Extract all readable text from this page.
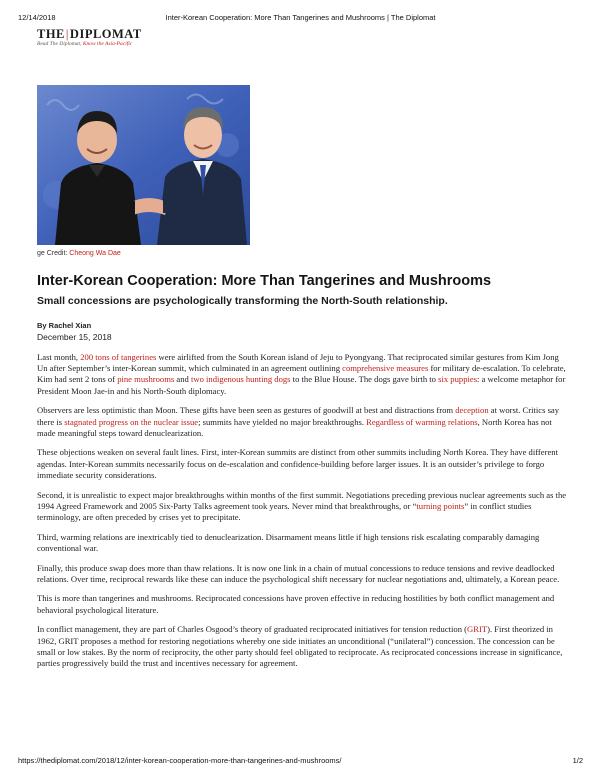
12/14/2018	Inter-Korean Cooperation: More Than Tangerines and Mushrooms | The Diplomat
THE|DIPLOMAT
Read The Diplomat, Know the Asia-Pacific
ge Credit: Cheong Wa Dae
Inter-Korean Cooperation: More Than Tangerines and Mushrooms
Small concessions are psychologically transforming the North-South relationship.
By Rachel Xian
December 15, 2018

Last month, 200 tons of tangerines were airlifted from the South Korean island of Jeju to Pyongyang. That reciprocated similar gestures from Kim Jong Un after September’s inter-Korean summit, which culminated in an agreement outlining comprehensive measures for military de-escalation. To celebrate, Kim had sent 2 tons of pine mushrooms and two indigenous hunting dogs to the Blue House. The dogs gave birth to six puppies: a welcome metaphor for President Moon Jae-in and his North-South diplomacy.

Observers are less optimistic than Moon. These gifts have been seen as gestures of goodwill at best and distractions from deception at worst. Critics say there is stagnated progress on the nuclear issue; summits have yielded no major breakthroughs. Regardless of warming relations, North Korea has not made meaningful steps toward denuclearization.

These objections weaken on several fault lines. First, inter-Korean summits are distinct from other summits including North Korea. They have different agendas. Inter-Korean summits necessarily focus on de-escalation and confidence-building before larger issues. It is an outsider’s privilege to forgo immediate security considerations.

Second, it is unrealistic to expect major breakthroughs within months of the first summit. Negotiations preceding previous nuclear agreements such as the 1994 Agreed Framework and 2005 Six-Party Talks agreement took years. Never mind that breakthroughs, or “turning points” in conflict studies terminology, are often preceded by crises yet to precipitate.

Third, warming relations are inextricably tied to denuclearization. Disarmament means little if high tensions risk escalating comparably damaging conventional war.

Finally, this produce swap does more than thaw relations. It is now one link in a chain of mutual concessions to reduce tensions and revive deadlocked relations. Over time, reciprocal rewards like these can induce the psychological shift necessary for nuclear negotiations and, ultimately, a Korean peace.

This is more than tangerines and mushrooms. Reciprocated concessions have proven effective in reducing hostilities by both conflict management and behavioral psychological literature.

In conflict management, they are part of Charles Osgood’s theory of graduated reciprocated initiatives for tension reduction (GRIT). First theorized in 1962, GRIT proposes a method for restoring negotiations whereby one side initiates an unconditional (“unilateral”) concession. The concession can be small or low stakes. By the norm of reciprocity, the other party should feel obligated to reciprocate. As reciprocated concessions increase in significance, parties progressively build the trust and incentives necessary for agreement.

https://thediplomat.com/2018/12/inter-korean-cooperation-more-than-tangerines-and-mushrooms/	1/2
